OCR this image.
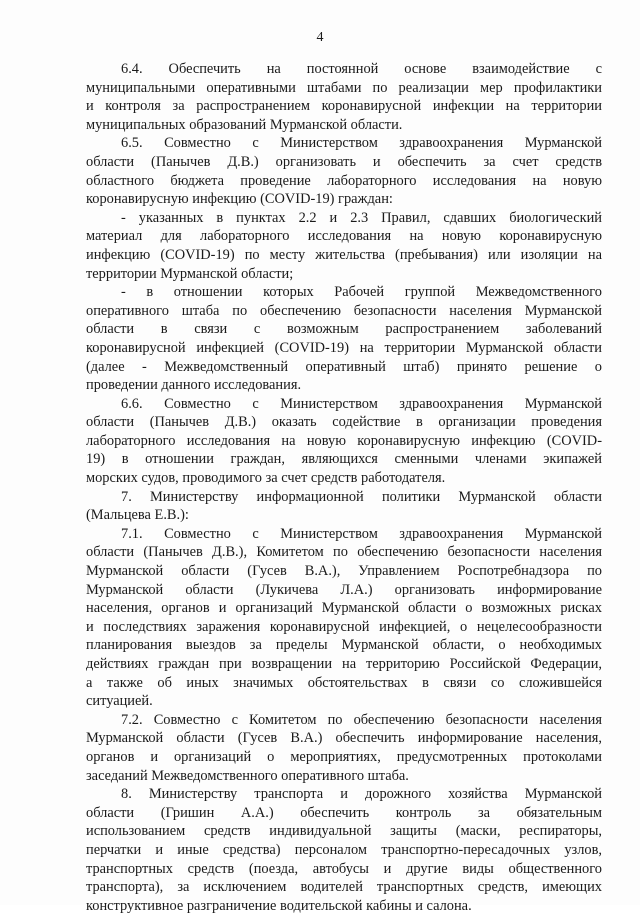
4
6.4. Обеспечить на постоянной основе взаимодействие с
муниципальными оперативными штабами по реализации мер профилактики
и контроля за распространением коронавирусной инфекции на территории
муниципальных образований Мурманской области.
6.5. Совместно с Министерством здравоохранения Мурманской
области (Панычев Д.В.) организовать и обеспечить за счет средств
областного бюджета проведение лабораторного исследования на новую
коронавирусную инфекцию (COVID-19) граждан:
- указанных в пунктах 2.2 и 2.3 Правил, сдавших биологический
материал для лабораторного исследования на новую коронавирусную
инфекцию (COVID-19) по месту жительства (пребывания) или изоляции на
территории Мурманской области;
- в отношении которых Рабочей группой Межведомственного
оперативного штаба по обеспечению безопасности населения Мурманской
области в связи с возможным распространением заболеваний
коронавирусной инфекцией (COVID-19) на территории Мурманской области
(далее - Межведомственный оперативный штаб) принято решение о
проведении данного исследования.
6.6. Совместно с Министерством здравоохранения Мурманской
области (Панычев Д.В.) оказать содействие в организации проведения
лабораторного исследования на новую коронавирусную инфекцию (COVID-
19) в отношении граждан, являющихся сменными членами экипажей
морских судов, проводимого за счет средств работодателя.
7. Министерству информационной политики Мурманской области
(Мальцева Е.В.):
7.1. Совместно с Министерством здравоохранения Мурманской
области (Панычев Д.В.), Комитетом по обеспечению безопасности населения
Мурманской области (Гусев В.А.), Управлением Роспотребнадзора по
Мурманской области (Лукичева Л.А.) организовать информирование
населения, органов и организаций Мурманской области о возможных рисках
и последствиях заражения коронавирусной инфекцией, о нецелесообразности
планирования выездов за пределы Мурманской области, о необходимых
действиях граждан при возвращении на территорию Российской Федерации,
а также об иных значимых обстоятельствах в связи со сложившейся
ситуацией.
7.2. Совместно с Комитетом по обеспечению безопасности населения
Мурманской области (Гусев В.А.) обеспечить информирование населения,
органов и организаций о мероприятиях, предусмотренных протоколами
заседаний Межведомственного оперативного штаба.
8. Министерству транспорта и дорожного хозяйства Мурманской
области (Гришин А.А.) обеспечить контроль за обязательным
использованием средств индивидуальной защиты (маски, респираторы,
перчатки и иные средства) персоналом транспортно-пересадочных узлов,
транспортных средств (поезда, автобусы и другие виды общественного
транспорта), за исключением водителей транспортных средств, имеющих
конструктивное разграничение водительской кабины и салона.
